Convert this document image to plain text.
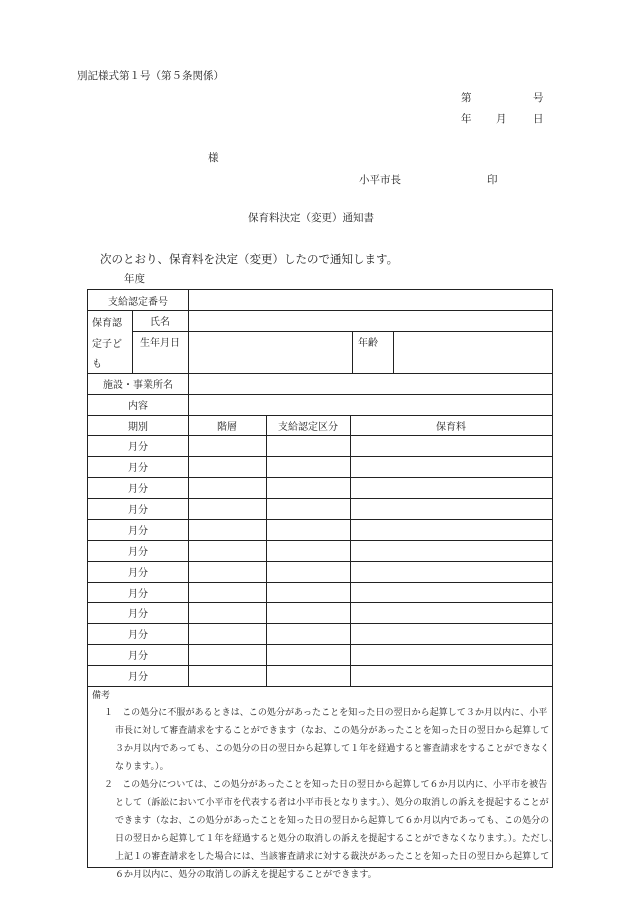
別記様式第１号（第５条関係）
第	号
年 月	日
様
小平市長	印
保育料決定（変更）通知書
次のとおり、保育料を決定（変更）したので通知します。
年度
支給認定番号
保育認
定子ど
も
氏名
生年月日	年齢
施設・事業所名
内容
期別	階層	支給認定区分	保育料
月分
月分
月分
月分
月分
月分
月分
月分
月分
月分
月分
月分
備考
１　この処分に不服があるときは、この処分があったことを知った日の翌日から起算して３か月以内に、小平
市長に対して審査請求をすることができます（なお、この処分があったことを知った日の翌日から起算して
３か月以内であっても、この処分の日の翌日から起算して１年を経過すると審査請求をすることができなく
なります。）。
２　この処分については、この処分があったことを知った日の翌日から起算して６か月以内に、小平市を被告
として（訴訟において小平市を代表する者は小平市長となります。）、処分の取消しの訴えを提起することが
できます（なお、この処分があったことを知った日の翌日から起算して６か月以内であっても、この処分の
日の翌日から起算して１年を経過すると処分の取消しの訴えを提起することができなくなります。）。ただし、
上記１の審査請求をした場合には、当該審査請求に対する裁決があったことを知った日の翌日から起算して
６か月以内に、処分の取消しの訴えを提起することができます。
